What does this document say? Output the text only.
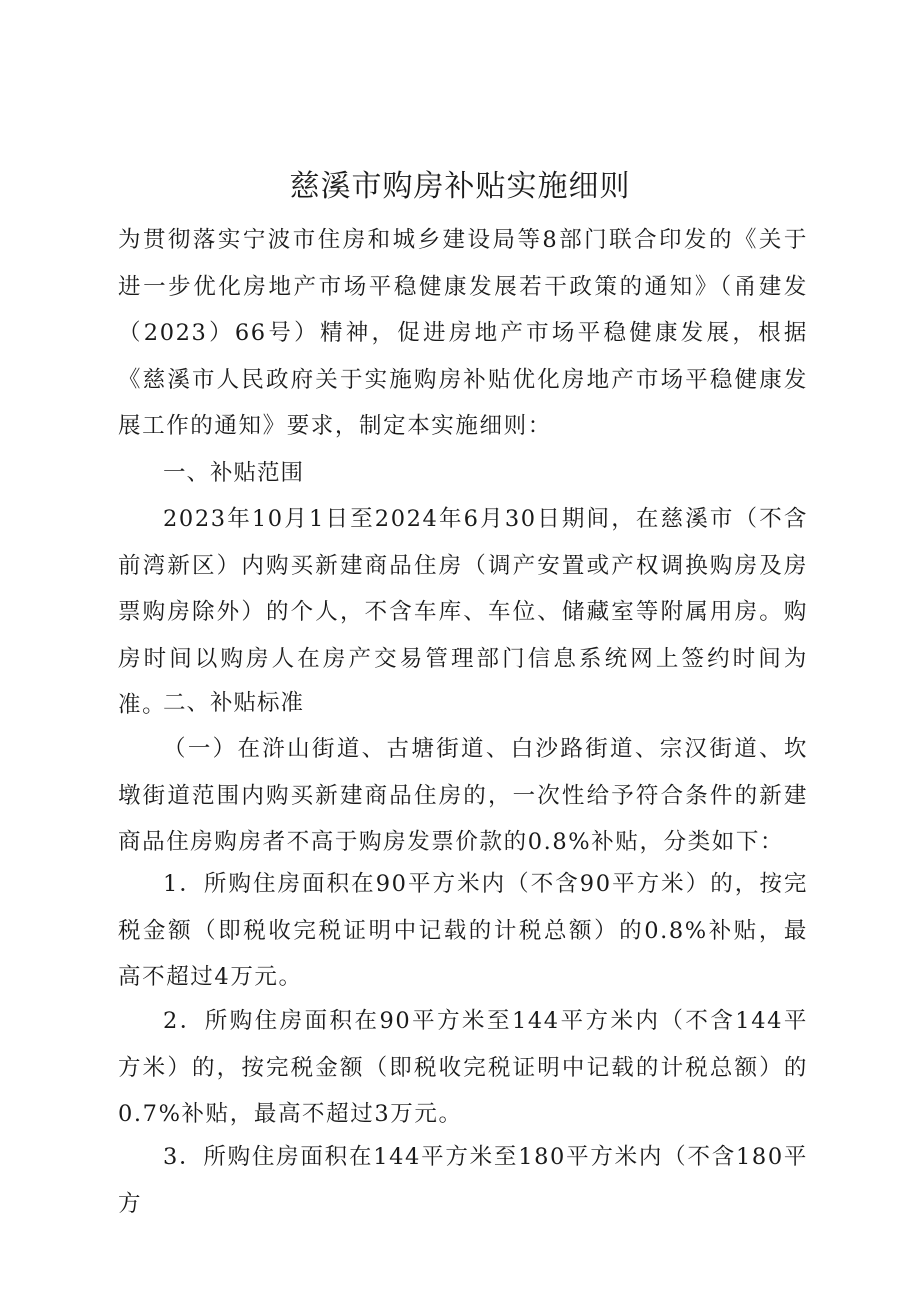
慈溪市购房补贴实施细则

为贯彻落实宁波市住房和城乡建设局等8部门联合印发的《关于进一步优化房地产市场平稳健康发展若干政策的通知》（甬建发（2023）66号）精神，促进房地产市场平稳健康发展，根据《慈溪市人民政府关于实施购房补贴优化房地产市场平稳健康发展工作的通知》要求，制定本实施细则：

一、补贴范围

2023年10月1日至2024年6月30日期间，在慈溪市（不含前湾新区）内购买新建商品住房（调产安置或产权调换购房及房票购房除外）的个人，不含车库、车位、储藏室等附属用房。购房时间以购房人在房产交易管理部门信息系统网上签约时间为准。

二、补贴标准

（一）在浒山街道、古塘街道、白沙路街道、宗汉街道、坎墩街道范围内购买新建商品住房的，一次性给予符合条件的新建商品住房购房者不高于购房发票价款的0.8%补贴，分类如下：

1．所购住房面积在90平方米内（不含90平方米）的，按完税金额（即税收完税证明中记载的计税总额）的0.8%补贴，最高不超过4万元。

2．所购住房面积在90平方米至144平方米内（不含144平方米）的，按完税金额（即税收完税证明中记载的计税总额）的0.7%补贴，最高不超过3万元。

3．所购住房面积在144平方米至180平方米内（不含180平方
